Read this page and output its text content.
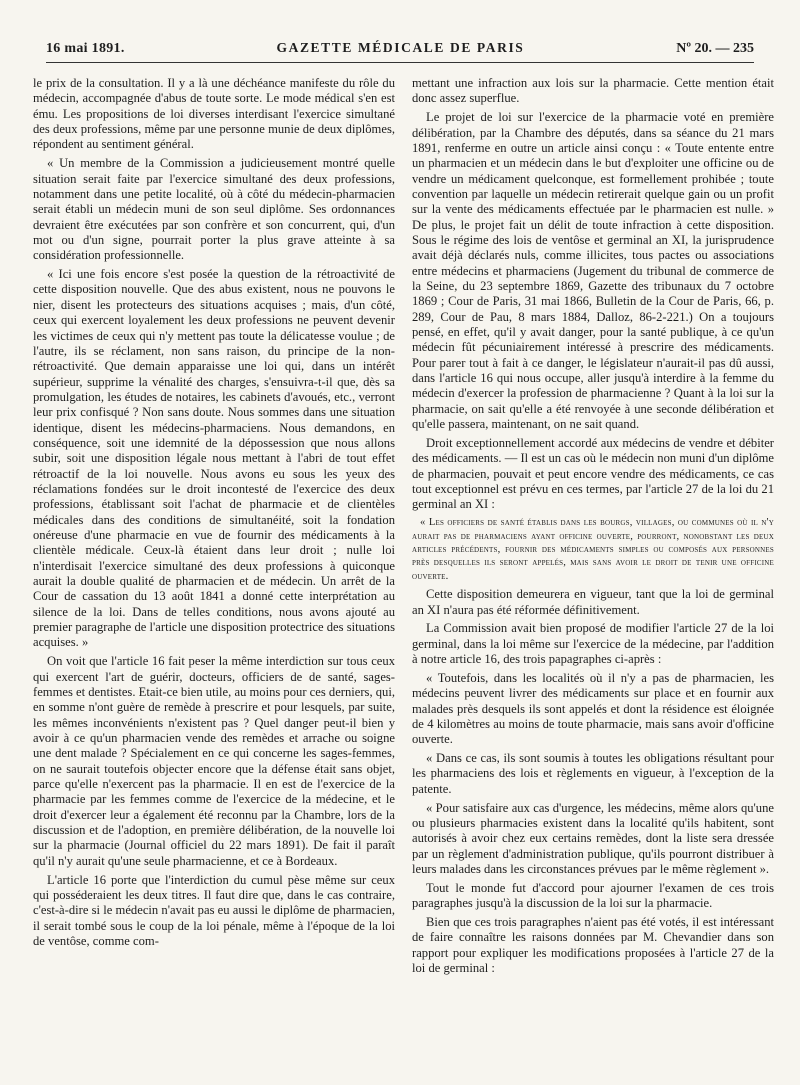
16 mai 1891.	GAZETTE MÉDICALE DE PARIS	Nº 20. — 235

le prix de la consultation. Il y a là une déchéance manifeste du rôle du médecin, accompagnée d'abus de toute sorte. Le mode médical s'en est ému. Les propositions de loi diverses interdisant l'exercice simultané des deux professions, même par une personne munie de deux diplômes, répondent au sentiment général.

« Un membre de la Commission a judicieusement montré quelle situation serait faite par l'exercice simultané des deux professions, notamment dans une petite localité, où à côté du médecin-pharmacien serait établi un médecin muni de son seul diplôme. Ses ordonnances devraient être exécutées par son confrère et son concurrent, qui, d'un mot ou d'un signe, pourrait porter la plus grave atteinte à sa considération professionnelle.

« Ici une fois encore s'est posée la question de la rétroactivité de cette disposition nouvelle. Que des abus existent, nous ne pouvons le nier, disent les protecteurs des situations acquises ; mais, d'un côté, ceux qui exercent loyalement les deux professions ne peuvent devenir les victimes de ceux qui n'y mettent pas toute la délicatesse voulue ; de l'autre, ils se réclament, non sans raison, du principe de la non-rétroactivité. Que demain apparaisse une loi qui, dans un intérêt supérieur, supprime la vénalité des charges, s'ensuivra-t-il que, dès sa promulgation, les études de notaires, les cabinets d'avoués, etc., verront leur prix confisqué ? Non sans doute. Nous sommes dans une situation identique, disent les médecins-pharmaciens. Nous demandons, en conséquence, soit une idemnité de la dépossession que nous allons subir, soit une disposition légale nous mettant à l'abri de tout effet rétroactif de la loi nouvelle. Nous avons eu sous les yeux des réclamations fondées sur le droit incontesté de l'exercice des deux professions, établissant soit l'achat de pharmacie et de clientèles médicales dans des conditions de simultanéité, soit la fondation onéreuse d'une pharmacie en vue de fournir des médicaments à la clientèle médicale. Ceux-là étaient dans leur droit ; nulle loi n'interdisait l'exercice simultané des deux professions à quiconque aurait la double qualité de pharmacien et de médecin. Un arrêt de la Cour de cassation du 13 août 1841 a donné cette interprétation au silence de la loi. Dans de telles conditions, nous avons ajouté au premier paragraphe de l'article une disposition protectrice des situations acquises. »

On voit que l'article 16 fait peser la même interdiction sur tous ceux qui exercent l'art de guérir, docteurs, officiers de de santé, sages-femmes et dentistes. Etait-ce bien utile, au moins pour ces derniers, qui, en somme n'ont guère de remède à prescrire et pour lesquels, par suite, les mêmes inconvénients n'existent pas ? Quel danger peut-il bien y avoir à ce qu'un pharmacien vende des remèdes et arrache ou soigne une dent malade ? Spécialement en ce qui concerne les sages-femmes, on ne saurait toutefois objecter encore que la défense était sans objet, parce qu'elle n'exercent pas la pharmacie. Il en est de l'exercice de la pharmacie par les femmes comme de l'exercice de la médecine, et le droit d'exercer leur a également été reconnu par la Chambre, lors de la discussion et de l'adoption, en première délibération, de la nouvelle loi sur la pharmacie (Journal officiel du 22 mars 1891). De fait il paraît qu'il n'y aurait qu'une seule pharmacienne, et ce à Bordeaux.

L'article 16 porte que l'interdiction du cumul pèse même sur ceux qui posséderaient les deux titres. Il faut dire que, dans le cas contraire, c'est-à-dire si le médecin n'avait pas eu aussi le diplôme de pharmacien, il serait tombé sous le coup de la loi pénale, même à l'époque de la loi de ventôse, comme com-

mettant une infraction aux lois sur la pharmacie. Cette mention était donc assez superflue.

Le projet de loi sur l'exercice de la pharmacie voté en première délibération, par la Chambre des députés, dans sa séance du 21 mars 1891, renferme en outre un article ainsi conçu : « Toute entente entre un pharmacien et un médecin dans le but d'exploiter une officine ou de vendre un médicament quelconque, est formellement prohibée ; toute convention par laquelle un médecin retirerait quelque gain ou un profit sur la vente des médicaments effectuée par le pharmacien est nulle. » De plus, le projet fait un délit de toute infraction à cette disposition. Sous le régime des lois de ventôse et germinal an XI, la jurisprudence avait déjà déclarés nuls, comme illicites, tous pactes ou associations entre médecins et pharmaciens (Jugement du tribunal de commerce de la Seine, du 23 septembre 1869, Gazette des tribunaux du 7 octobre 1869 ; Cour de Paris, 31 mai 1866, Bulletin de la Cour de Paris, 66, p. 289, Cour de Pau, 8 mars 1884, Dalloz, 86-2-221.) On a toujours pensé, en effet, qu'il y avait danger, pour la santé publique, à ce qu'un médecin fût pécuniairement intéressé à prescrire des médicaments. Pour parer tout à fait à ce danger, le législateur n'aurait-il pas dû aussi, dans l'article 16 qui nous occupe, aller jusqu'à interdire à la femme du médecin d'exercer la profession de pharmacienne ? Quant à la loi sur la pharmacie, on sait qu'elle a été renvoyée à une seconde délibération et qu'elle passera, maintenant, on ne sait quand.

Droit exceptionnellement accordé aux médecins de vendre et débiter des médicaments. — Il est un cas où le médecin non muni d'un diplôme de pharmacien, pouvait et peut encore vendre des médicaments, ce cas tout exceptionnel est prévu en ces termes, par l'article 27 de la loi du 21 germinal an XI :

« Les officiers de santé établis dans les bourgs, villages, ou communes où il n'y aurait pas de pharmaciens ayant officine ouverte, pourront, nonobstant les deux articles précédents, fournir des médicaments simples ou composés aux personnes près desquelles ils seront appelés, mais sans avoir le droit de tenir une officine ouverte.

Cette disposition demeurera en vigueur, tant que la loi de germinal an XI n'aura pas été réformée définitivement.

La Commission avait bien proposé de modifier l'article 27 de la loi germinal, dans la loi même sur l'exercice de la médecine, par l'addition à notre article 16, des trois papagraphes ci-après :

« Toutefois, dans les localités où il n'y a pas de pharmacien, les médecins peuvent livrer des médicaments sur place et en fournir aux malades près desquels ils sont appelés et dont la résidence est éloignée de 4 kilomètres au moins de toute pharmacie, mais sans avoir d'officine ouverte.

« Dans ce cas, ils sont soumis à toutes les obligations résultant pour les pharmaciens des lois et règlements en vigueur, à l'exception de la patente.

« Pour satisfaire aux cas d'urgence, les médecins, même alors qu'une ou plusieurs pharmacies existent dans la localité qu'ils habitent, sont autorisés à avoir chez eux certains remèdes, dont la liste sera dressée par un règlement d'administration publique, qu'ils pourront distribuer à leurs malades dans les circonstances prévues par le même règlement ».

Tout le monde fut d'accord pour ajourner l'examen de ces trois paragraphes jusqu'à la discussion de la loi sur la pharmacie.

Bien que ces trois paragraphes n'aient pas été votés, il est intéressant de faire connaître les raisons données par M. Chevandier dans son rapport pour expliquer les modifications proposées à l'article 27 de la loi de germinal :
